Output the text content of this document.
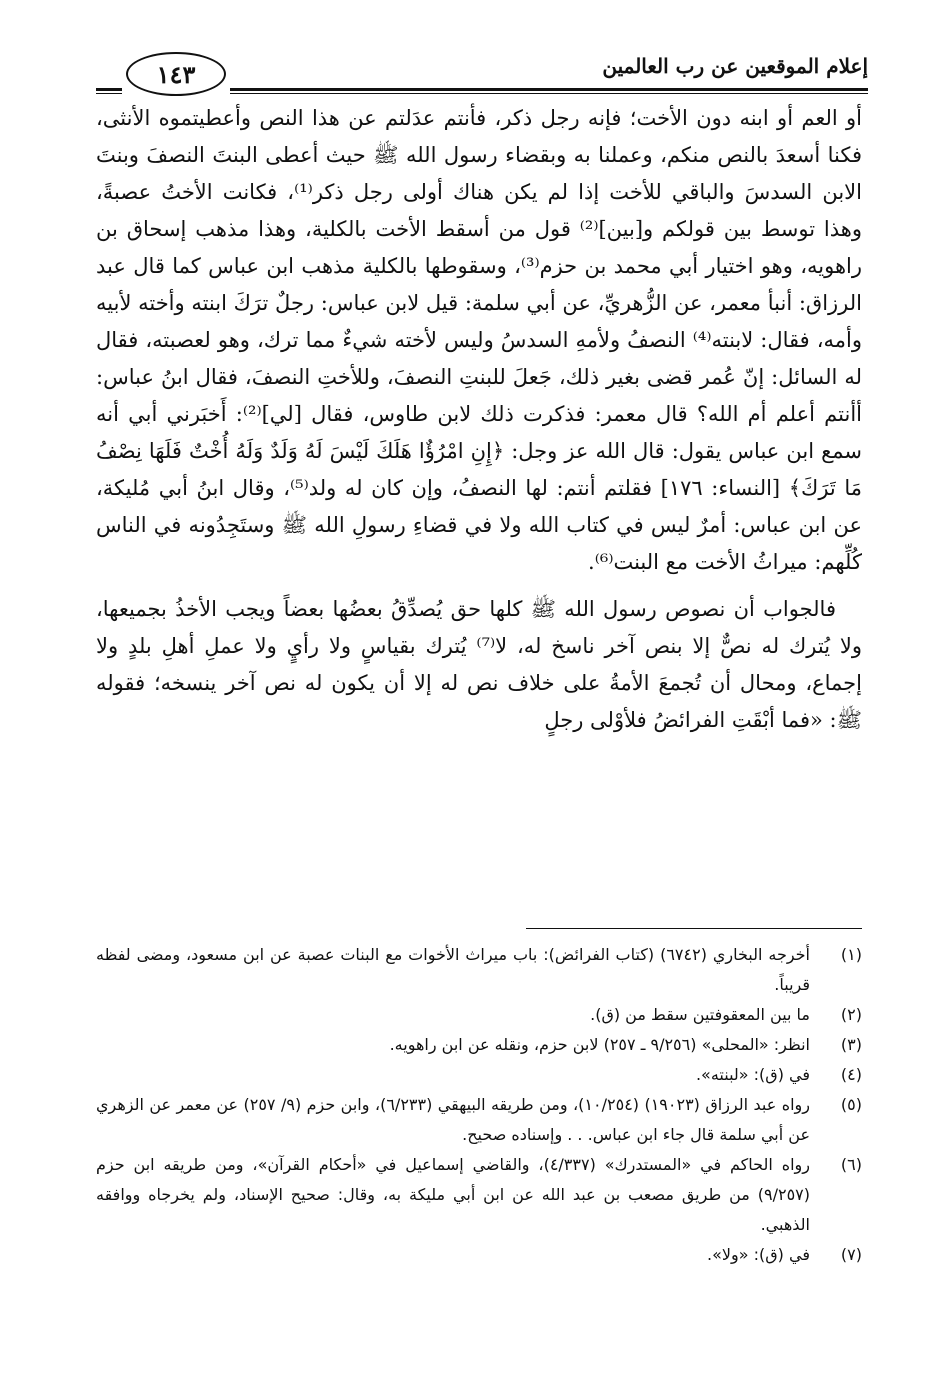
إعلام الموقعين عن رب العالمين
١٤٣

أو العم أو ابنه دون الأخت؛ فإنه رجل ذكر، فأنتم عدَلتم عن هذا النص وأعطيتموه الأنثى، فكنا أسعدَ بالنص منكم، وعملنا به وبقضاء رسول الله ﷺ حيث أعطى البنتَ النصفَ وبنتَ الابن السدسَ والباقي للأخت إذا لم يكن هناك أولى رجل ذكر⁽¹⁾، فكانت الأختُ عصبةً، وهذا توسط بين قولكم و[بين]⁽²⁾ قول من أسقط الأخت بالكلية، وهذا مذهب إسحاق بن راهويه، وهو اختيار أبي محمد بن حزم⁽³⁾، وسقوطها بالكلية مذهب ابن عباس كما قال عبد الرزاق: أنبأ معمر، عن الزُّهريِّ، عن أبي سلمة: قيل لابن عباس: رجلٌ ترَكَ ابنته وأخته لأبيه وأمه، فقال: لابنته⁽⁴⁾ النصفُ ولأمهِ السدسُ وليس لأخته شيءٌ مما ترك، وهو لعصبته، فقال له السائل: إنّ عُمر قضى بغير ذلك، جَعلَ للبنتِ النصفَ، وللأختِ النصفَ، فقال ابنُ عباس: أأنتم أعلم أم الله؟ قال معمر: فذكرت ذلك لابن طاوس، فقال [لي]⁽²⁾: أَخبَرني أبي أنه سمع ابن عباس يقول: قال الله عز وجل: ﴿إِنِ امْرُؤٌا هَلَكَ لَيْسَ لَهُ وَلَدٌ وَلَهُ أُخْتٌ فَلَهَا نِصْفُ مَا تَرَكَ﴾ [النساء: ١٧٦] فقلتم أنتم: لها النصفُ، وإن كان له ولد⁽⁵⁾، وقال ابنُ أبي مُليكة، عن ابن عباس: أمرٌ ليس في كتاب الله ولا في قضاءِ رسولِ الله ﷺ وستَجِدُونه في الناس كُلِّهم: ميراثُ الأخت مع البنت⁽⁶⁾.

فالجواب أن نصوص رسول الله ﷺ كلها حق يُصدِّقُ بعضُها بعضاً ويجب الأخذُ بجميعها، ولا يُترك له نصٌّ إلا بنص آخر ناسخ له، لا⁽⁷⁾ يُترك بقياسٍ ولا رأيٍ ولا عملِ أهلِ بلدٍ ولا إجماع، ومحال أن تُجمعَ الأمةُ على خلاف نص له إلا أن يكون له نص آخر ينسخه؛ فقوله ﷺ: «فما أبْقَتِ الفرائضُ فلأوْلى رجلٍ

(١)
أخرجه البخاري (٦٧٤٢) (كتاب الفرائض): باب ميراث الأخوات مع البنات عصبة عن ابن مسعود، ومضى لفظه قريباً.
(٢)
ما بين المعقوفتين سقط من (ق).
(٣)
انظر: «المحلى» (٩/٢٥٦ ـ ٢٥٧) لابن حزم، ونقله عن ابن راهويه.
(٤)
في (ق): «لبنته».
(٥)
رواه عبد الرزاق (١٩٠٢٣) (١٠/٢٥٤)، ومن طريقه البيهقي (٦/٢٣٣)، وابن حزم (٩/ ٢٥٧) عن معمر عن الزهري عن أبي سلمة قال جاء ابن عباس. . . وإسناده صحيح.
(٦)
رواه الحاكم في «المستدرك» (٤/٣٣٧)، والقاضي إسماعيل في «أحكام القرآن»، ومن طريقه ابن حزم (٩/٢٥٧) من طريق مصعب بن عبد الله عن ابن أبي مليكة به، وقال: صحيح الإسناد، ولم يخرجاه ووافقه الذهبي.
(٧)
في (ق): «ولا».
